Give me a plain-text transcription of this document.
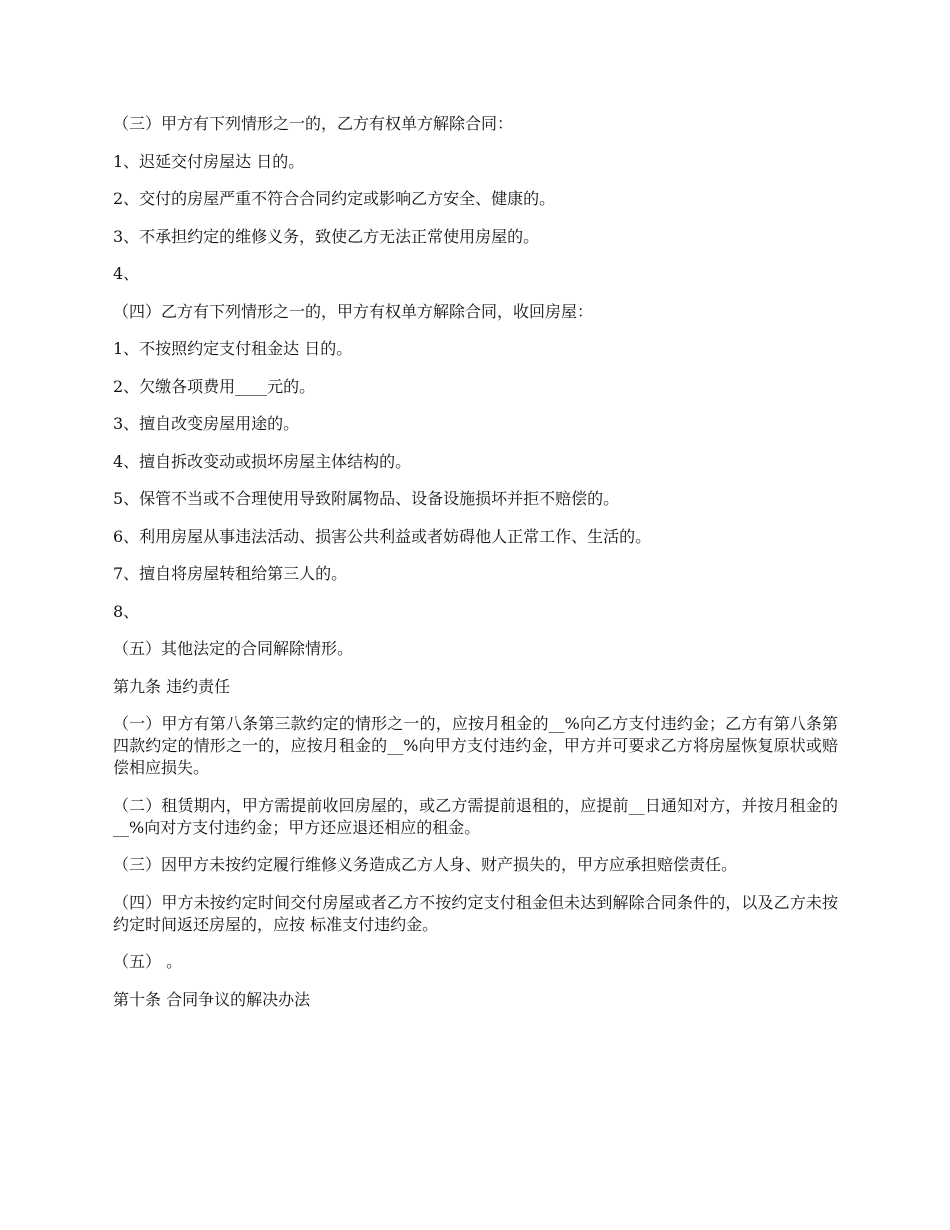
（三）甲方有下列情形之一的，乙方有权单方解除合同：

1、迟延交付房屋达 日的。

2、交付的房屋严重不符合合同约定或影响乙方安全、健康的。

3、不承担约定的维修义务，致使乙方无法正常使用房屋的。

4、

（四）乙方有下列情形之一的，甲方有权单方解除合同，收回房屋：

1、不按照约定支付租金达 日的。

2、欠缴各项费用____元的。

3、擅自改变房屋用途的。

4、擅自拆改变动或损坏房屋主体结构的。

5、保管不当或不合理使用导致附属物品、设备设施损坏并拒不赔偿的。

6、利用房屋从事违法活动、损害公共利益或者妨碍他人正常工作、生活的。

7、擅自将房屋转租给第三人的。

8、

（五）其他法定的合同解除情形。

第九条 违约责任

（一）甲方有第八条第三款约定的情形之一的，应按月租金的__%向乙方支付违约金；乙方有第八条第四款约定的情形之一的，应按月租金的__%向甲方支付违约金，甲方并可要求乙方将房屋恢复原状或赔偿相应损失。

（二）租赁期内，甲方需提前收回房屋的，或乙方需提前退租的，应提前__日通知对方，并按月租金的__%向对方支付违约金；甲方还应退还相应的租金。

（三）因甲方未按约定履行维修义务造成乙方人身、财产损失的，甲方应承担赔偿责任。

（四）甲方未按约定时间交付房屋或者乙方不按约定支付租金但未达到解除合同条件的，以及乙方未按约定时间返还房屋的，应按 标准支付违约金。

（五） 。

第十条 合同争议的解决办法
